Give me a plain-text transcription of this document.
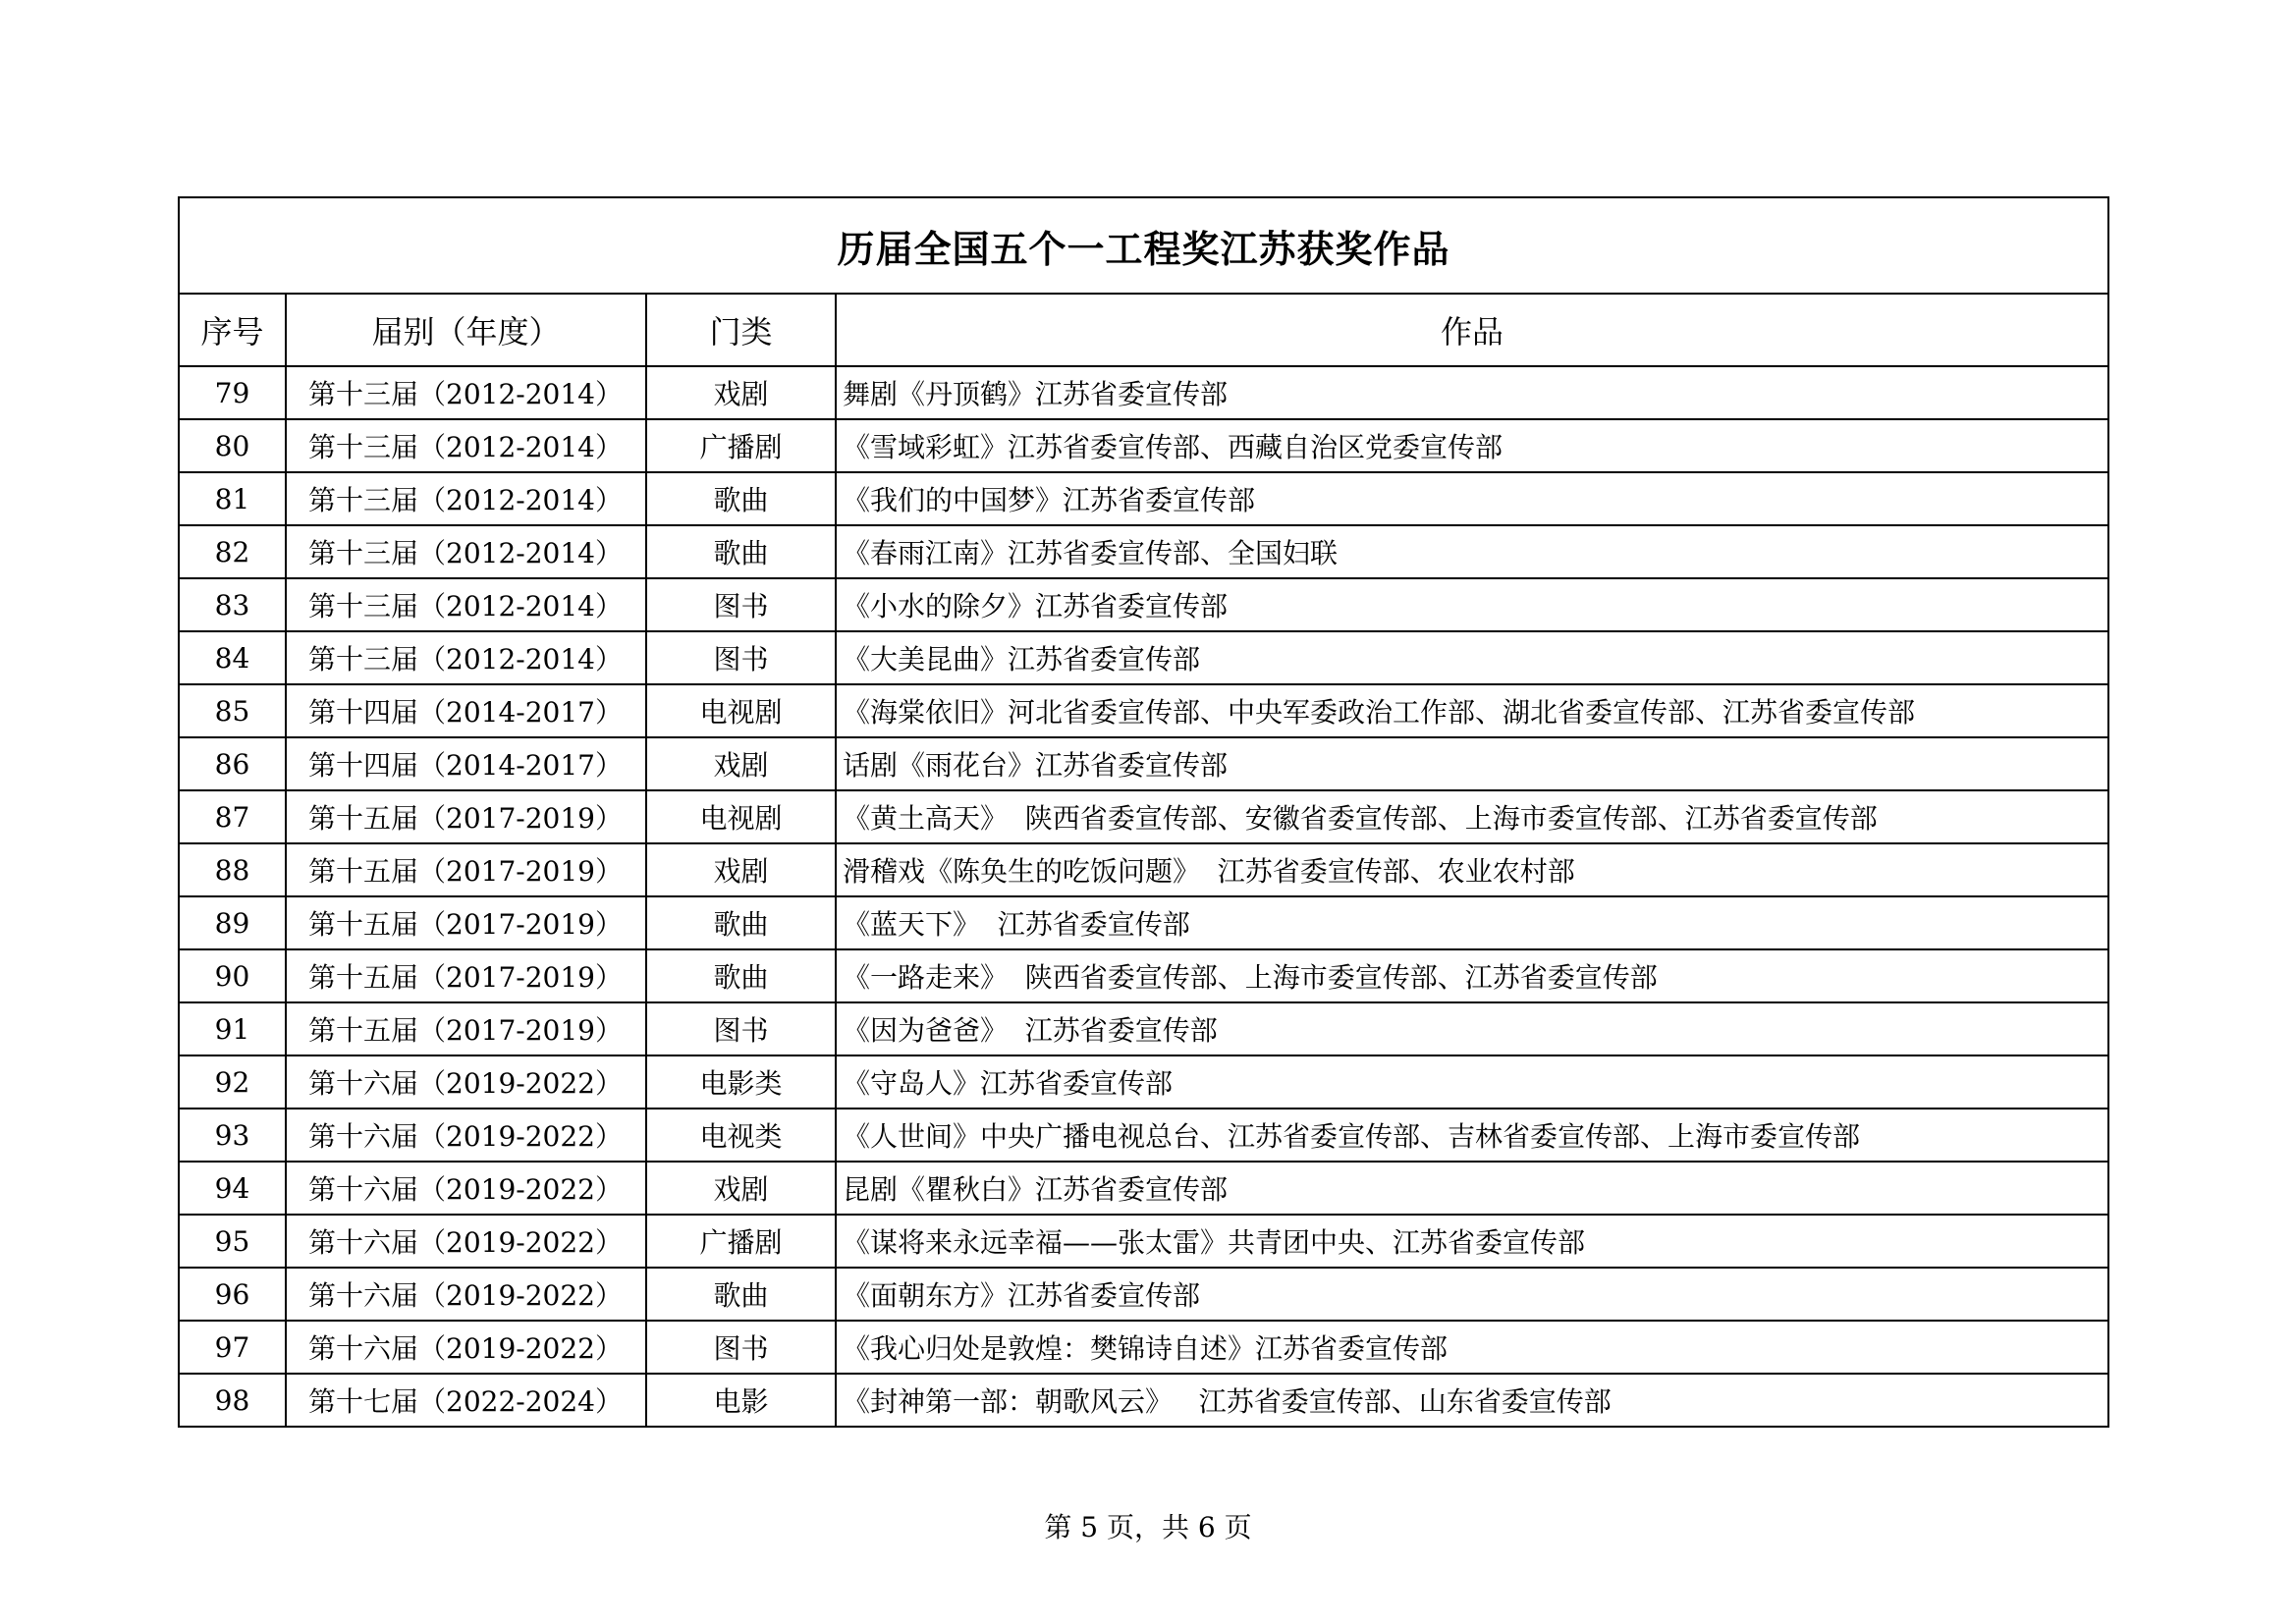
历届全国五个一工程奖江苏获奖作品			
序号	届别（年度）	门类	作品
79	第十三届（2012-2014）	戏剧	舞剧《丹顶鹤》江苏省委宣传部
80	第十三届（2012-2014）	广播剧	《雪域彩虹》江苏省委宣传部、西藏自治区党委宣传部
81	第十三届（2012-2014）	歌曲	《我们的中国梦》江苏省委宣传部
82	第十三届（2012-2014）	歌曲	《春雨江南》江苏省委宣传部、全国妇联
83	第十三届（2012-2014）	图书	《小水的除夕》江苏省委宣传部
84	第十三届（2012-2014）	图书	《大美昆曲》江苏省委宣传部
85	第十四届（2014-2017）	电视剧	《海棠依旧》河北省委宣传部、中央军委政治工作部、湖北省委宣传部、江苏省委宣传部
86	第十四届（2014-2017）	戏剧	话剧《雨花台》江苏省委宣传部
87	第十五届（2017-2019）	电视剧	《黄土高天》  陕西省委宣传部、安徽省委宣传部、上海市委宣传部、江苏省委宣传部
88	第十五届（2017-2019）	戏剧	滑稽戏《陈奂生的吃饭问题》  江苏省委宣传部、农业农村部
89	第十五届（2017-2019）	歌曲	《蓝天下》  江苏省委宣传部
90	第十五届（2017-2019）	歌曲	《一路走来》  陕西省委宣传部、上海市委宣传部、江苏省委宣传部
91	第十五届（2017-2019）	图书	《因为爸爸》  江苏省委宣传部
92	第十六届（2019-2022）	电影类	《守岛人》江苏省委宣传部
93	第十六届（2019-2022）	电视类	《人世间》中央广播电视总台、江苏省委宣传部、吉林省委宣传部、上海市委宣传部
94	第十六届（2019-2022）	戏剧	昆剧《瞿秋白》江苏省委宣传部
95	第十六届（2019-2022）	广播剧	《谋将来永远幸福——张太雷》共青团中央、江苏省委宣传部
96	第十六届（2019-2022）	歌曲	《面朝东方》江苏省委宣传部
97	第十六届（2019-2022）	图书	《我心归处是敦煌：樊锦诗自述》江苏省委宣传部
98	第十七届（2022-2024）	电影	《封神第一部：朝歌风云》   江苏省委宣传部、山东省委宣传部
第 5 页，共 6 页
